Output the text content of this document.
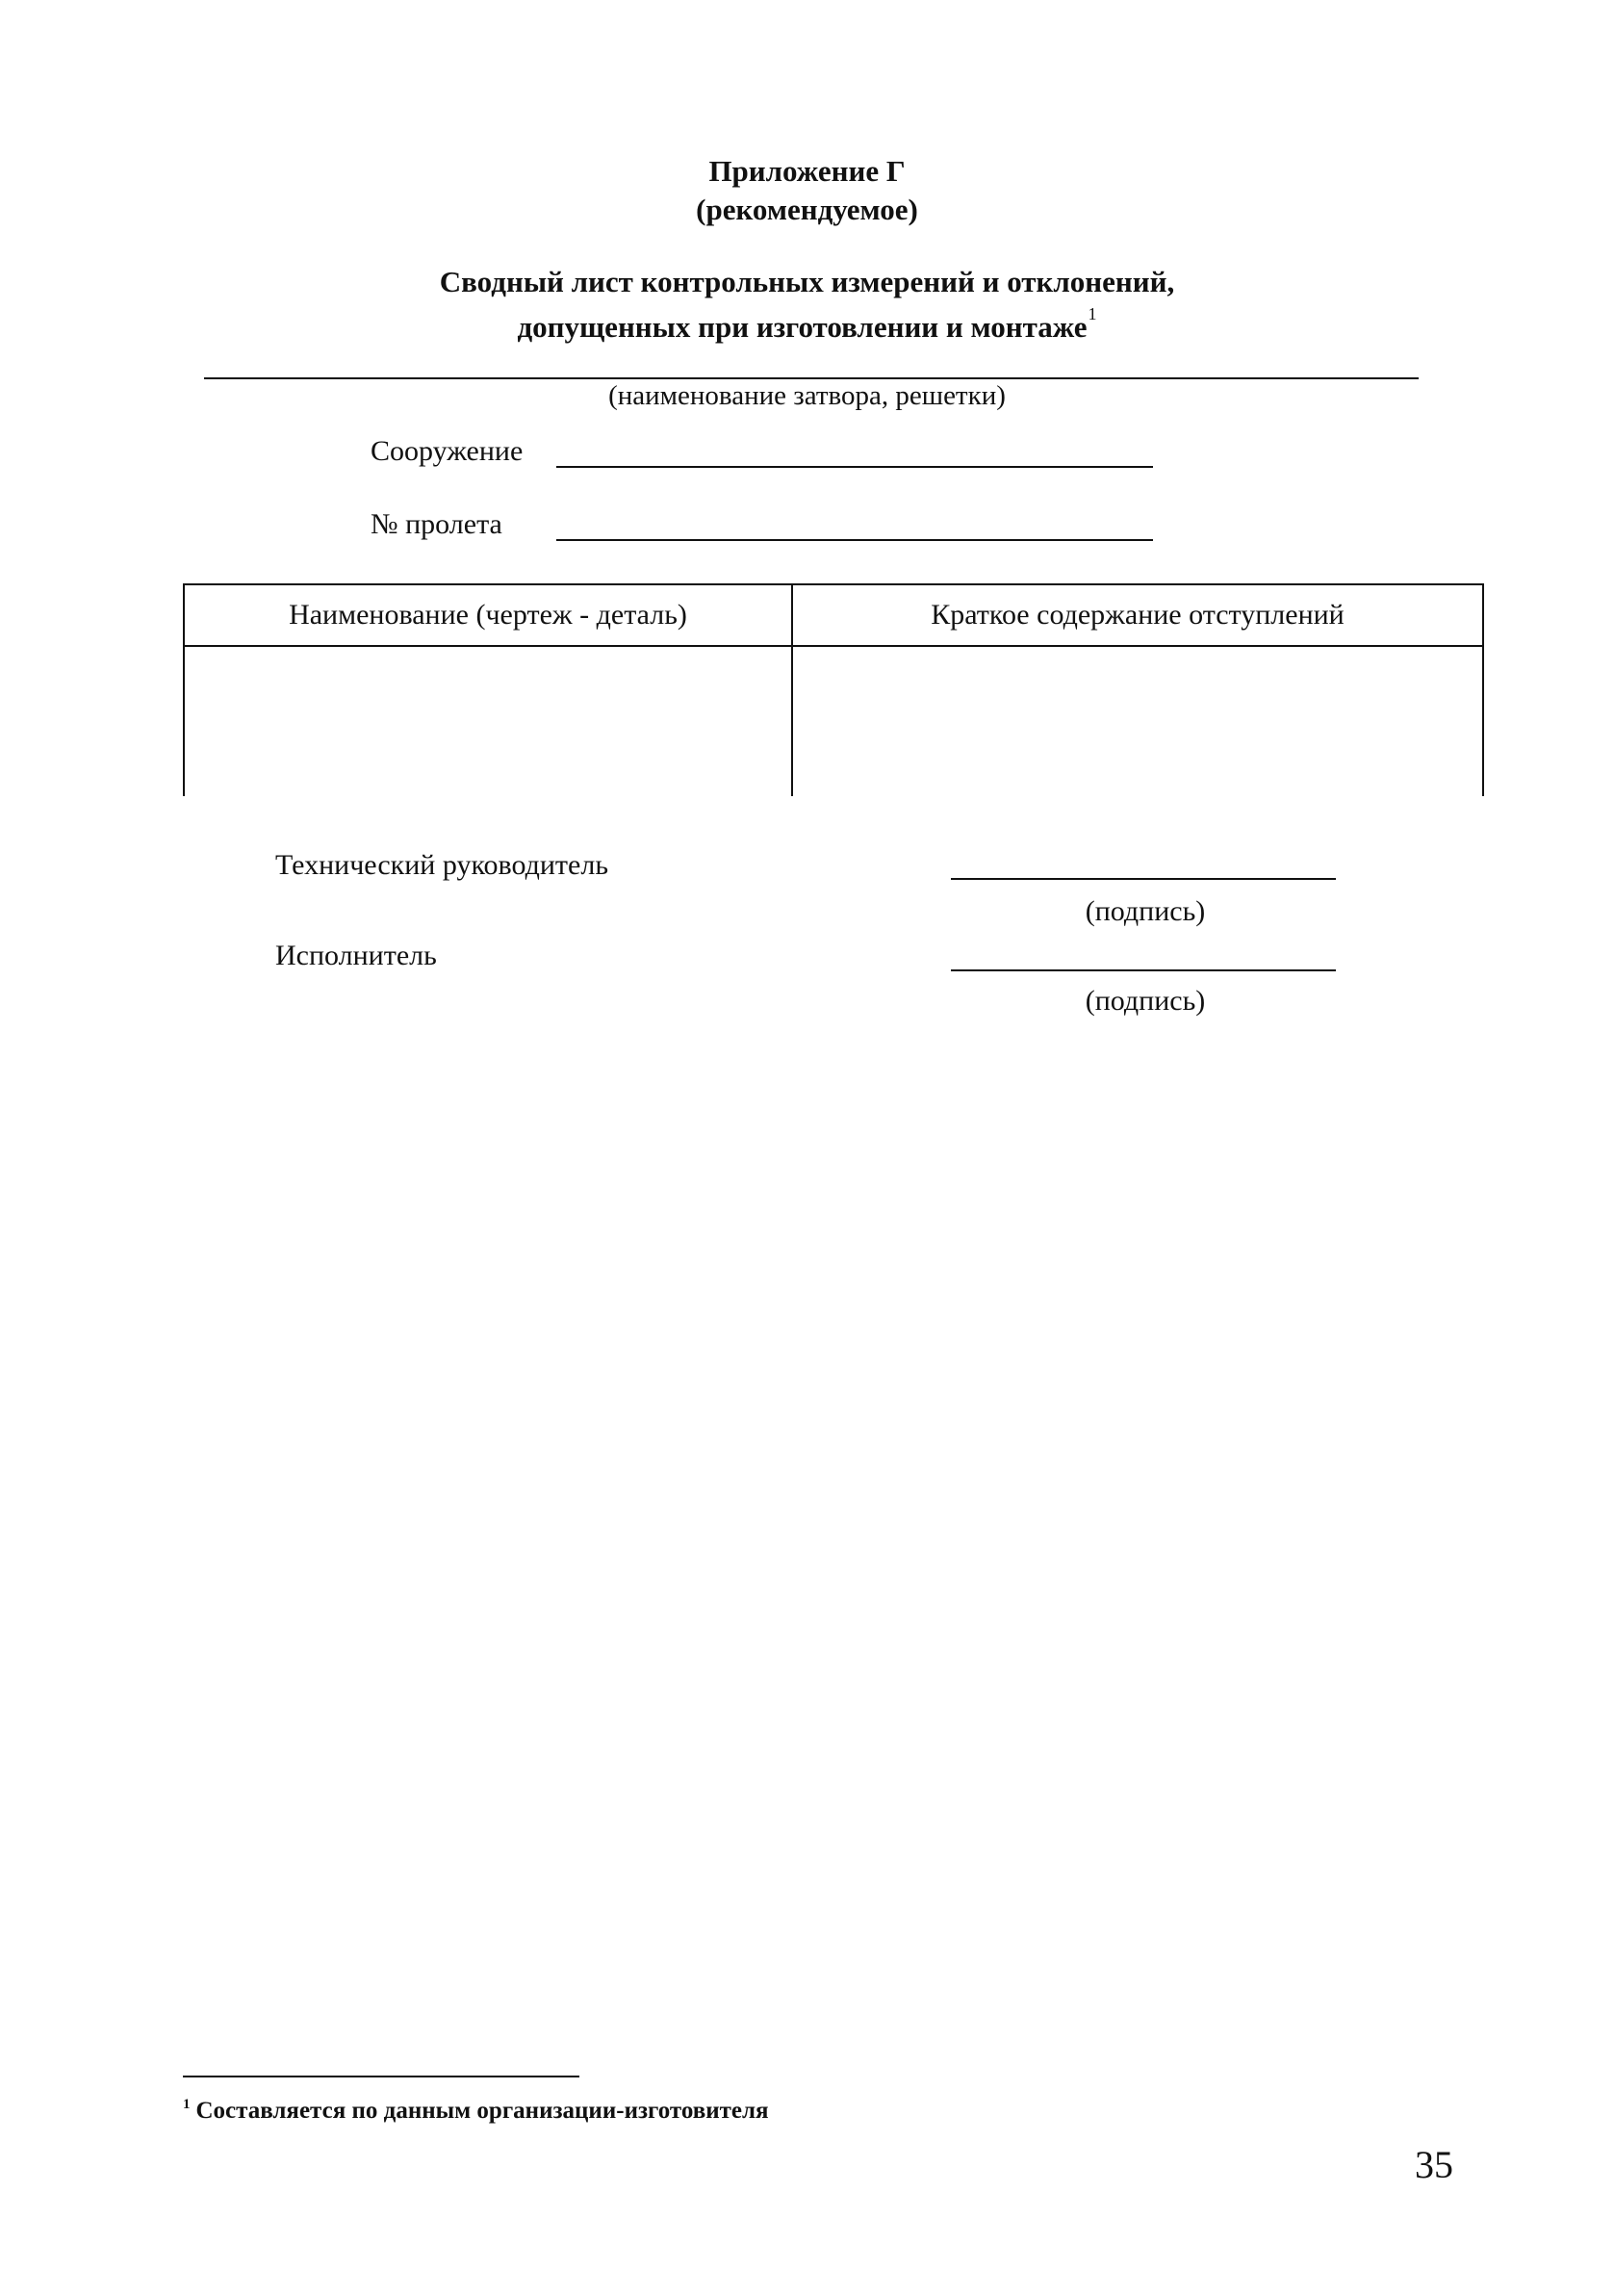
Приложение Г
(рекомендуемое)
Сводный лист контрольных измерений и отклонений,
допущенных при изготовлении и монтаже$^1$
(наименование затвора, решетки)
Сооружение
№ пролета
Наименование (чертеж - деталь)	Краткое содержание отступлений

Технический руководитель
(подпись)
Исполнитель
(подпись)
$^1$ Составляется по данным организации-изготовителя
35
